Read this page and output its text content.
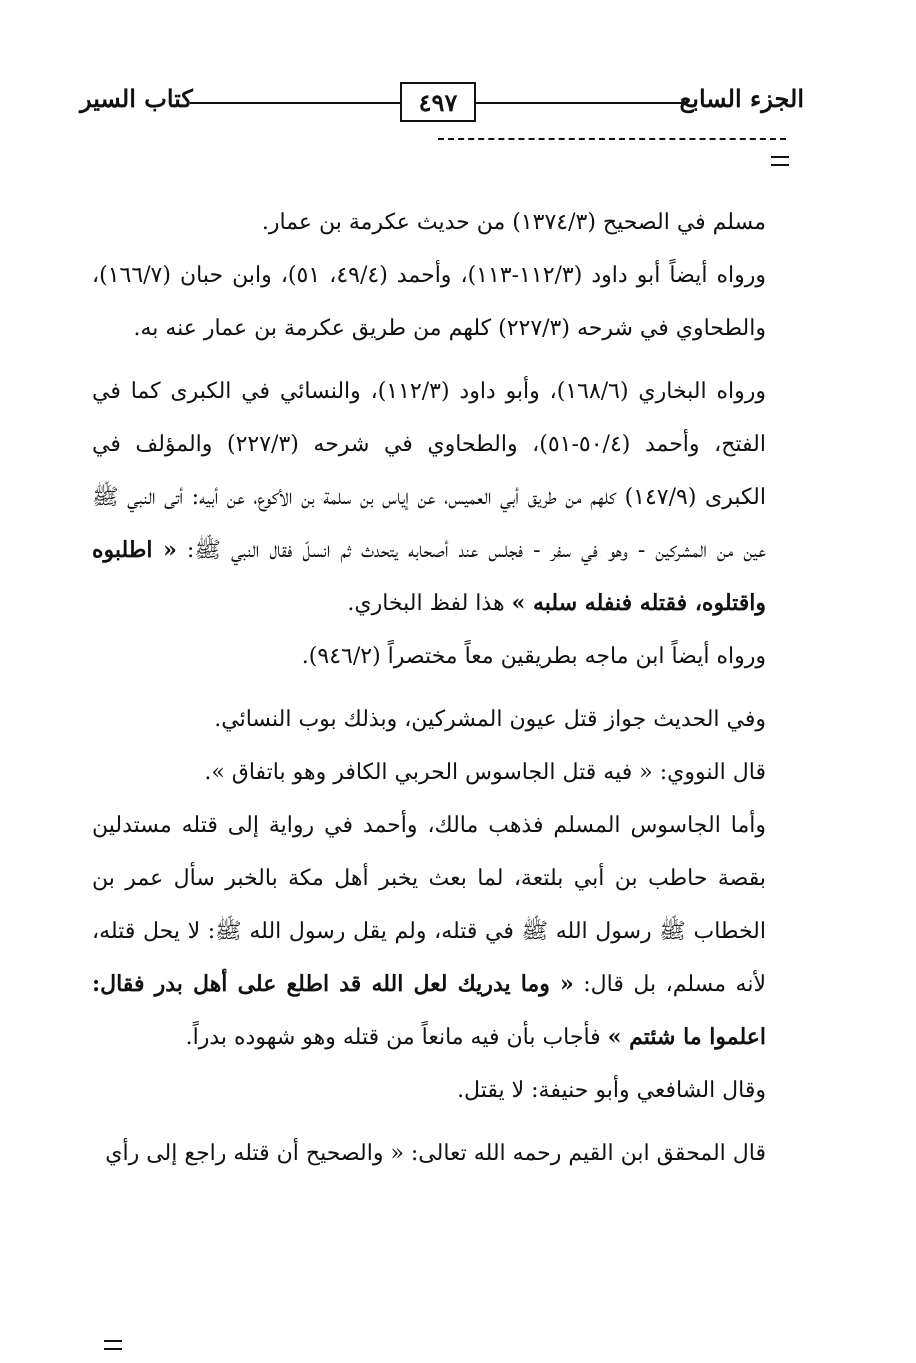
الجزء السابع
٤٩٧
كتاب السير

مسلم في الصحيح (١٣٧٤/٣) من حديث عكرمة بن عمار.

ورواه أيضاً أبو داود (١١٢/٣-١١٣)، وأحمد (٤٩/٤، ٥١)، وابن حبان (١٦٦/٧)، والطحاوي في شرحه (٢٢٧/٣) كلهم من طريق عكرمة بن عمار عنه به.

ورواه البخاري (١٦٨/٦)، وأبو داود (١١٢/٣)، والنسائي في الكبرى كما في الفتح، وأحمد (٥٠/٤-٥١)، والطحاوي في شرحه (٢٢٧/٣) والمؤلف في الكبرى (١٤٧/٩) كلهم من طريق أبي العميس، عن إياس بن سلمة بن الأكوع، عن أبيه: أتى النبي ﷺ عين من المشركين - وهو في سفر - فجلس عند أصحابه يتحدث ثم انسلّ فقال النبي ﷺ: « اطلبوه واقتلوه، فقتله فنفله سلبه » هذا لفظ البخاري.

ورواه أيضاً ابن ماجه بطريقين معاً مختصراً (٩٤٦/٢).

وفي الحديث جواز قتل عيون المشركين، وبذلك بوب النسائي.

قال النووي: « فيه قتل الجاسوس الحربي الكافر وهو باتفاق ».

وأما الجاسوس المسلم فذهب مالك، وأحمد في رواية إلى قتله مستدلين بقصة حاطب بن أبي بلتعة، لما بعث يخبر أهل مكة بالخبر سأل عمر بن الخطاب ﷺ رسول الله ﷺ في قتله، ولم يقل رسول الله ﷺ: لا يحل قتله، لأنه مسلم، بل قال: « وما يدريك لعل الله قد اطلع على أهل بدر فقال: اعلموا ما شئتم » فأجاب بأن فيه مانعاً من قتله وهو شهوده بدراً.

وقال الشافعي وأبو حنيفة: لا يقتل.

قال المحقق ابن القيم رحمه الله تعالى: « والصحيح أن قتله راجع إلى رأي
